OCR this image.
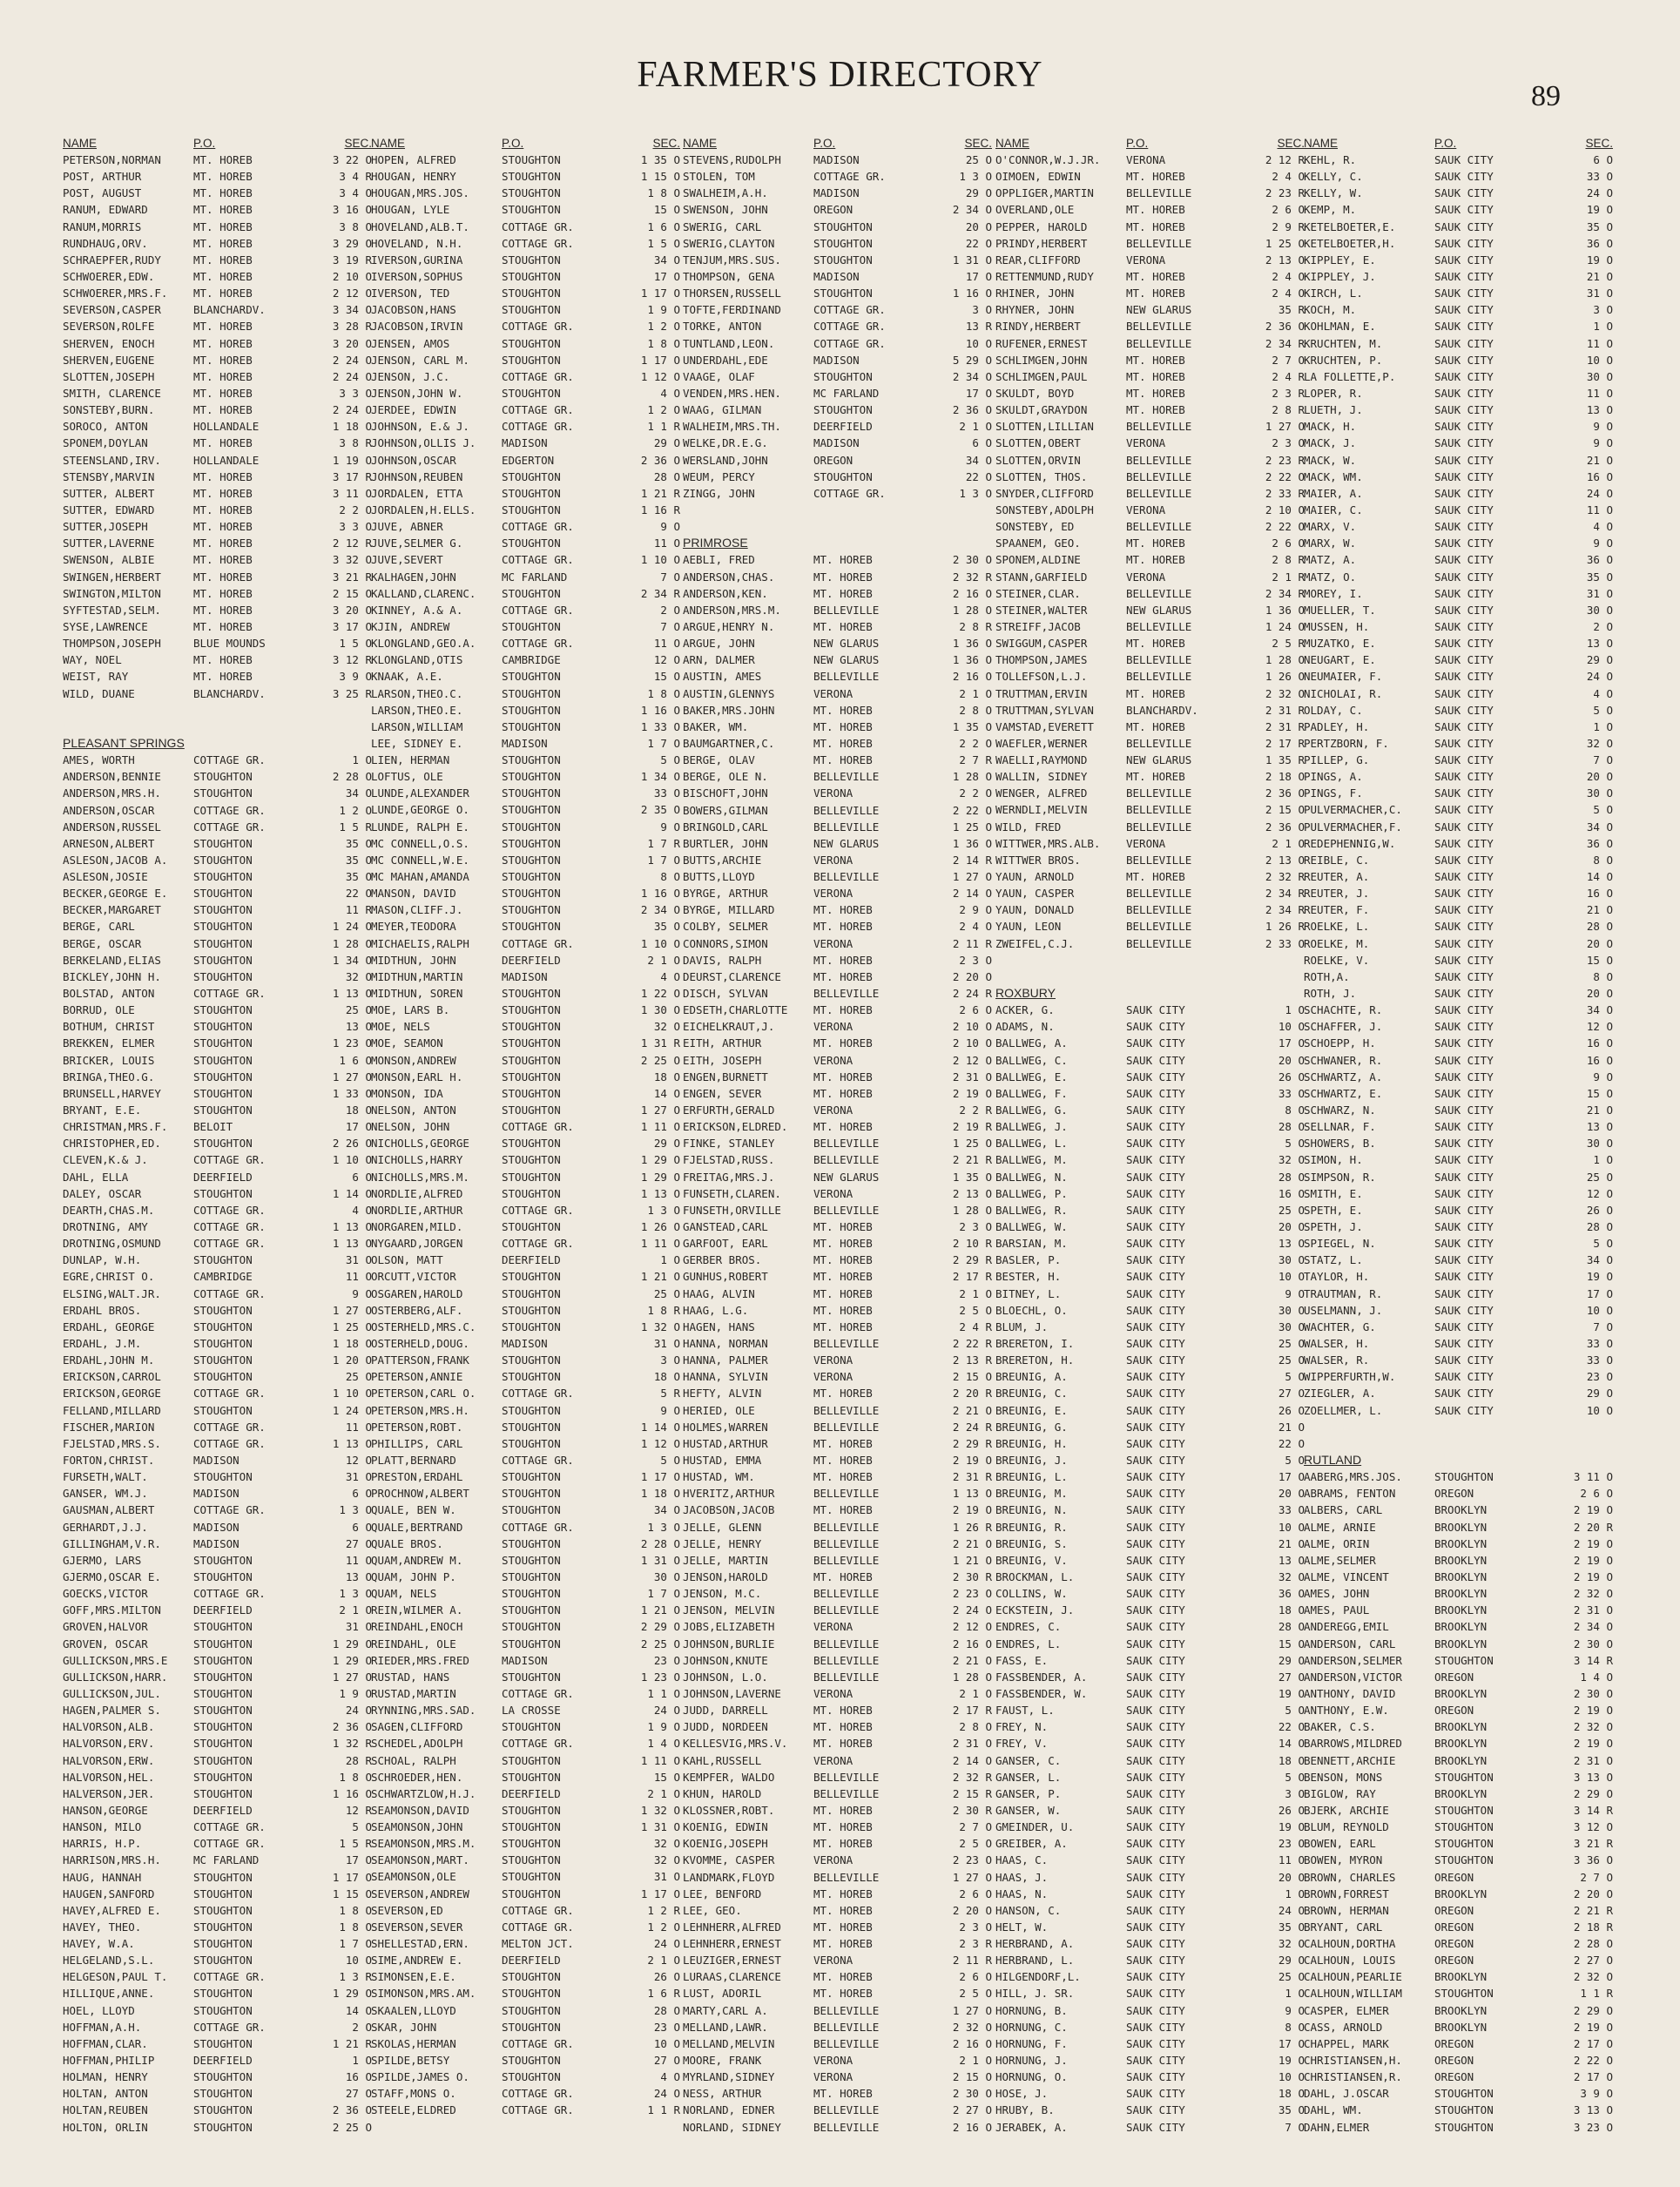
FARMER'S DIRECTORY
89
NAME	P.O.	SEC.
PETERSON,NORMAN	MT. HOREB	3 22 O
POST, ARTHUR	MT. HOREB	3 4 R
POST, AUGUST	MT. HOREB	3 4 O
RANUM, EDWARD	MT. HOREB	3 16 O
RANUM,MORRIS	MT. HOREB	3 8 O
RUNDHAUG,ORV.	MT. HOREB	3 29 O
SCHRAEPFER,RUDY	MT. HOREB	3 19 R
SCHWOERER,EDW.	MT. HOREB	2 10 O
SCHWOERER,MRS.F.	MT. HOREB	2 12 O
SEVERSON,CASPER	BLANCHARDV.	3 34 O
SEVERSON,ROLFE	MT. HOREB	3 28 R
SHERVEN, ENOCH	MT. HOREB	3 20 O
SHERVEN,EUGENE	MT. HOREB	2 24 O
SLOTTEN,JOSEPH	MT. HOREB	2 24 O
SMITH, CLARENCE	MT. HOREB	3 3 O
SONSTEBY,BURN.	MT. HOREB	2 24 O
SOROCO, ANTON	HOLLANDALE	1 18 O
SPONEM,DOYLAN	MT. HOREB	3 8 R
STEENSLAND,IRV.	HOLLANDALE	1 19 O
STENSBY,MARVIN	MT. HOREB	3 17 R
SUTTER, ALBERT	MT. HOREB	3 11 O
SUTTER, EDWARD	MT. HOREB	2 2 O
SUTTER,JOSEPH	MT. HOREB	3 3 O
SUTTER,LAVERNE	MT. HOREB	2 12 R
SWENSON, ALBIE	MT. HOREB	3 32 O
SWINGEN,HERBERT	MT. HOREB	3 21 R
SWINGTON,MILTON	MT. HOREB	2 15 O
SYFTESTAD,SELM.	MT. HOREB	3 20 O
SYSE,LAWRENCE	MT. HOREB	3 17 O
THOMPSON,JOSEPH	BLUE MOUNDS	1 5 O
WAY, NOEL	MT. HOREB	3 12 R
WEIST, RAY	MT. HOREB	3 9 O
WILD, DUANE	BLANCHARDV.	3 25 R
PLEASANT SPRINGS
AMES, WORTH	COTTAGE GR.	1 O
ANDERSON,BENNIE	STOUGHTON	2 28 O
ANDERSON,MRS.H.	STOUGHTON	34 O
ANDERSON,OSCAR	COTTAGE GR.	1 2 O
ANDERSON,RUSSEL	COTTAGE GR.	1 5 R
ARNESON,ALBERT	STOUGHTON	35 O
ASLESON,JACOB A.	STOUGHTON	35 O
ASLESON,JOSIE	STOUGHTON	35 O
BECKER,GEORGE E.	STOUGHTON	22 O
BECKER,MARGARET	STOUGHTON	11 R
BERGE, CARL	STOUGHTON	1 24 O
BERGE, OSCAR	STOUGHTON	1 28 O
BERKELAND,ELIAS	STOUGHTON	1 34 O
BICKLEY,JOHN H.	STOUGHTON	32 O
BOLSTAD, ANTON	COTTAGE GR.	1 13 O
BORRUD, OLE	STOUGHTON	25 O
BOTHUM, CHRIST	STOUGHTON	13 O
BREKKEN, ELMER	STOUGHTON	1 23 O
BRICKER, LOUIS	STOUGHTON	1 6 O
BRINGA,THEO.G.	STOUGHTON	1 27 O
BRUNSELL,HARVEY	STOUGHTON	1 33 O
BRYANT, E.E.	STOUGHTON	18 O
CHRISTMAN,MRS.F.	BELOIT	17 O
CHRISTOPHER,ED.	STOUGHTON	2 26 O
CLEVEN,K.& J.	COTTAGE GR.	1 10 O
DAHL, ELLA	DEERFIELD	6 O
DALEY, OSCAR	STOUGHTON	1 14 O
DEARTH,CHAS.M.	COTTAGE GR.	4 O
DROTNING, AMY	COTTAGE GR.	1 13 O
DROTNING,OSMUND	COTTAGE GR.	1 13 O
DUNLAP, W.H.	STOUGHTON	31 O
EGRE,CHRIST O.	CAMBRIDGE	11 O
ELSING,WALT.JR.	COTTAGE GR.	9 O
ERDAHL BROS.	STOUGHTON	1 27 O
ERDAHL, GEORGE	STOUGHTON	1 25 O
ERDAHL, J.M.	STOUGHTON	1 18 O
ERDAHL,JOHN M.	STOUGHTON	1 20 O
ERICKSON,CARROL	STOUGHTON	25 O
ERICKSON,GEORGE	COTTAGE GR.	1 10 O
FELLAND,MILLARD	STOUGHTON	1 24 O
FISCHER,MARION	COTTAGE GR.	11 O
FJELSTAD,MRS.S.	COTTAGE GR.	1 13 O
FORTON,CHRIST.	MADISON	12 O
FURSETH,WALT.	STOUGHTON	31 O
GANSER, WM.J.	MADISON	6 O
GAUSMAN,ALBERT	COTTAGE GR.	1 3 O
GERHARDT,J.J.	MADISON	6 O
GILLINGHAM,V.R.	MADISON	27 O
GJERMO, LARS	STOUGHTON	11 O
GJERMO,OSCAR E.	STOUGHTON	13 O
GOECKS,VICTOR	COTTAGE GR.	1 3 O
GOFF,MRS.MILTON	DEERFIELD	2 1 O
GROVEN,HALVOR	STOUGHTON	31 O
GROVEN, OSCAR	STOUGHTON	1 29 O
GULLICKSON,MRS.E	STOUGHTON	1 29 O
GULLICKSON,HARR.	STOUGHTON	1 27 O
GULLICKSON,JUL.	STOUGHTON	1 9 O
HAGEN,PALMER S.	STOUGHTON	24 O
HALVORSON,ALB.	STOUGHTON	2 36 O
HALVORSON,ERV.	STOUGHTON	1 32 R
HALVORSON,ERW.	STOUGHTON	28 R
HALVORSON,HEL.	STOUGHTON	1 8 O
HALVERSON,JER.	STOUGHTON	1 16 O
HANSON,GEORGE	DEERFIELD	12 R
HANSON, MILO	COTTAGE GR.	5 O
HARRIS, H.P.	COTTAGE GR.	1 5 R
HARRISON,MRS.H.	MC FARLAND	17 O
HAUG, HANNAH	STOUGHTON	1 17 O
HAUGEN,SANFORD	STOUGHTON	1 15 O
HAVEY,ALFRED E.	STOUGHTON	1 8 O
HAVEY, THEO.	STOUGHTON	1 8 O
HAVEY, W.A.	STOUGHTON	1 7 O
HELGELAND,S.L.	STOUGHTON	10 O
HELGESON,PAUL T.	COTTAGE GR.	1 3 R
HILLIQUE,ANNE.	STOUGHTON	1 29 O
HOEL, LLOYD	STOUGHTON	14 O
HOFFMAN,A.H.	COTTAGE GR.	2 O
HOFFMAN,CLAR.	STOUGHTON	1 21 R
HOFFMAN,PHILIP	DEERFIELD	1 O
HOLMAN, HENRY	STOUGHTON	16 O
HOLTAN, ANTON	STOUGHTON	27 O
HOLTAN,REUBEN	STOUGHTON	2 36 O
HOLTON, ORLIN	STOUGHTON	2 25 O
NAME	P.O.	SEC.
HOPEN, ALFRED	STOUGHTON	1 35 O
HOUGAN, HENRY	STOUGHTON	1 15 O
HOUGAN,MRS.JOS.	STOUGHTON	1 8 O
HOUGAN, LYLE	STOUGHTON	15 O
HOVELAND,ALB.T.	COTTAGE GR.	1 6 O
HOVELAND, N.H.	COTTAGE GR.	1 5 O
IVERSON,GURINA	STOUGHTON	34 O
IVERSON,SOPHUS	STOUGHTON	17 O
IVERSON, TED	STOUGHTON	1 17 O
JACOBSON,HANS	STOUGHTON	1 9 O
JACOBSON,IRVIN	COTTAGE GR.	1 2 O
JENSEN, AMOS	STOUGHTON	1 8 O
JENSON, CARL M.	STOUGHTON	1 17 O
JENSON, J.C.	COTTAGE GR.	1 12 O
JENSON,JOHN W.	STOUGHTON	4 O
JERDEE, EDWIN	COTTAGE GR.	1 2 O
JOHNSON, E.& J.	COTTAGE GR.	1 1 R
JOHNSON,OLLIS J.	MADISON	29 O
JOHNSON,OSCAR	EDGERTON	2 36 O
JOHNSON,REUBEN	STOUGHTON	28 O
JORDALEN, ETTA	STOUGHTON	1 21 R
JORDALEN,H.ELLS.	STOUGHTON	1 16 R
JUVE, ABNER	COTTAGE GR.	9 O
JUVE,SELMER G.	STOUGHTON	11 O
JUVE,SEVERT	COTTAGE GR.	1 10 O
KALHAGEN,JOHN	MC FARLAND	7 O
KALLAND,CLARENC.	STOUGHTON	2 34 R
KINNEY, A.& A.	COTTAGE GR.	2 O
KJIN, ANDREW	STOUGHTON	7 O
KLONGLAND,GEO.A.	COTTAGE GR.	11 O
KLONGLAND,OTIS	CAMBRIDGE	12 O
KNAAK, A.E.	STOUGHTON	15 O
LARSON,THEO.C.	STOUGHTON	1 8 O
LARSON,THEO.E.	STOUGHTON	1 16 O
LARSON,WILLIAM	STOUGHTON	1 33 O
LEE, SIDNEY E.	MADISON	1 7 O
LIEN, HERMAN	STOUGHTON	5 O
LOFTUS, OLE	STOUGHTON	1 34 O
LUNDE,ALEXANDER	STOUGHTON	33 O
LUNDE,GEORGE O.	STOUGHTON	2 35 O
LUNDE, RALPH E.	STOUGHTON	9 O
MC CONNELL,O.S.	STOUGHTON	1 7 R
MC CONNELL,W.E.	STOUGHTON	1 7 O
MC MAHAN,AMANDA	STOUGHTON	8 O
MANSON, DAVID	STOUGHTON	1 16 O
MASON,CLIFF.J.	STOUGHTON	2 34 O
MEYER,TEODORA	STOUGHTON	35 O
MICHAELIS,RALPH	COTTAGE GR.	1 10 O
MIDTHUN, JOHN	DEERFIELD	2 1 O
MIDTHUN,MARTIN	MADISON	4 O
MIDTHUN, SOREN	STOUGHTON	1 22 O
MOE, LARS B.	STOUGHTON	1 30 O
MOE, NELS	STOUGHTON	32 O
MOE, SEAMON	STOUGHTON	1 31 R
MONSON,ANDREW	STOUGHTON	2 25 O
MONSON,EARL H.	STOUGHTON	18 O
MONSON, IDA	STOUGHTON	14 O
NELSON, ANTON	STOUGHTON	1 27 O
NELSON, JOHN	COTTAGE GR.	1 11 O
NICHOLLS,GEORGE	STOUGHTON	29 O
NICHOLLS,HARRY	STOUGHTON	1 29 O
NICHOLLS,MRS.M.	STOUGHTON	1 29 O
NORDLIE,ALFRED	STOUGHTON	1 13 O
NORDLIE,ARTHUR	COTTAGE GR.	1 3 O
NORGAREN,MILD.	STOUGHTON	1 26 O
NYGAARD,JORGEN	COTTAGE GR.	1 11 O
OLSON, MATT	DEERFIELD	1 O
ORCUTT,VICTOR	STOUGHTON	1 21 O
OSGAREN,HAROLD	STOUGHTON	25 O
OSTERBERG,ALF.	STOUGHTON	1 8 R
OSTERHELD,MRS.C.	STOUGHTON	1 32 O
OSTERHELD,DOUG.	MADISON	31 O
PATTERSON,FRANK	STOUGHTON	3 O
PETERSON,ANNIE	STOUGHTON	18 O
PETERSON,CARL O.	COTTAGE GR.	5 R
PETERSON,MRS.H.	STOUGHTON	9 O
PETERSON,ROBT.	STOUGHTON	1 14 O
PHILLIPS, CARL	STOUGHTON	1 12 O
PLATT,BERNARD	COTTAGE GR.	5 O
PRESTON,ERDAHL	STOUGHTON	1 17 O
PROCHNOW,ALBERT	STOUGHTON	1 18 O
QUALE, BEN W.	STOUGHTON	34 O
QUALE,BERTRAND	COTTAGE GR.	1 3 O
QUALE BROS.	STOUGHTON	2 28 O
QUAM,ANDREW M.	STOUGHTON	1 31 O
QUAM, JOHN P.	STOUGHTON	30 O
QUAM, NELS	STOUGHTON	1 7 O
REIN,WILMER A.	STOUGHTON	1 21 O
REINDAHL,ENOCH	STOUGHTON	2 29 O
REINDAHL, OLE	STOUGHTON	2 25 O
RIEDER,MRS.FRED	MADISON	23 O
RUSTAD, HANS	STOUGHTON	1 23 O
RUSTAD,MARTIN	COTTAGE GR.	1 1 O
RYNNING,MRS.SAD.	LA CROSSE	24 O
SAGEN,CLIFFORD	STOUGHTON	1 9 O
SCHEDEL,ADOLPH	COTTAGE GR.	1 4 O
SCHOAL, RALPH	STOUGHTON	1 11 O
SCHROEDER,HEN.	STOUGHTON	15 O
SCHWARTZLOW,H.J.	DEERFIELD	2 1 O
SEAMONSON,DAVID	STOUGHTON	1 32 O
SEAMONSON,JOHN	STOUGHTON	1 31 O
SEAMONSON,MRS.M.	STOUGHTON	32 O
SEAMONSON,MART.	STOUGHTON	32 O
SEAMONSON,OLE	STOUGHTON	31 O
SEVERSON,ANDREW	STOUGHTON	1 17 O
SEVERSON,ED	COTTAGE GR.	1 2 R
SEVERSON,SEVER	COTTAGE GR.	1 2 O
SHELLESTAD,ERN.	MELTON JCT.	24 O
SIME,ANDREW E.	DEERFIELD	2 1 O
SIMONSEN,E.E.	STOUGHTON	26 O
SIMONSON,MRS.AM.	STOUGHTON	1 6 R
SKAALEN,LLOYD	STOUGHTON	28 O
SKAR, JOHN	STOUGHTON	23 O
SKOLAS,HERMAN	COTTAGE GR.	10 O
SPILDE,BETSY	STOUGHTON	27 O
SPILDE,JAMES O.	STOUGHTON	4 O
STAFF,MONS O.	COTTAGE GR.	24 O
STEELE,ELDRED	COTTAGE GR.	1 1 R
NAME	P.O.	SEC.
STEVENS,RUDOLPH	MADISON	25 O
STOLEN, TOM	COTTAGE GR.	1 3 O
SWALHEIM,A.H.	MADISON	29 O
SWENSON, JOHN	OREGON	2 34 O
SWERIG, CARL	STOUGHTON	20 O
SWERIG,CLAYTON	STOUGHTON	22 O
TENJUM,MRS.SUS.	STOUGHTON	1 31 O
THOMPSON, GENA	MADISON	17 O
THORSEN,RUSSELL	STOUGHTON	1 16 O
TOFTE,FERDINAND	COTTAGE GR.	3 O
TORKE, ANTON	COTTAGE GR.	13 R
TUNTLAND,LEON.	COTTAGE GR.	10 O
UNDERDAHL,EDE	MADISON	5 29 O
VAAGE, OLAF	STOUGHTON	2 34 O
VENDEN,MRS.HEN.	MC FARLAND	17 O
WAAG, GILMAN	STOUGHTON	2 36 O
WALHEIM,MRS.TH.	DEERFIELD	2 1 O
WELKE,DR.E.G.	MADISON	6 O
WERSLAND,JOHN	OREGON	34 O
WEUM, PERCY	STOUGHTON	22 O
ZINGG, JOHN	COTTAGE GR.	1 3 O
PRIMROSE
AEBLI, FRED	MT. HOREB	2 30 O
ANDERSON,CHAS.	MT. HOREB	2 32 R
ANDERSON,KEN.	MT. HOREB	2 16 O
ANDERSON,MRS.M.	BELLEVILLE	1 28 O
ARGUE,HENRY N.	MT. HOREB	2 8 R
ARGUE, JOHN	NEW GLARUS	1 36 O
ARN, DALMER	NEW GLARUS	1 36 O
AUSTIN, AMES	BELLEVILLE	2 16 O
AUSTIN,GLENNYS	VERONA	2 1 O
BAKER,MRS.JOHN	MT. HOREB	2 8 O
BAKER, WM.	MT. HOREB	1 35 O
BAUMGARTNER,C.	MT. HOREB	2 2 O
BERGE, OLAV	MT. HOREB	2 7 R
BERGE, OLE N.	BELLEVILLE	1 28 O
BISCHOFT,JOHN	VERONA	2 2 O
BOWERS,GILMAN	BELLEVILLE	2 22 O
BRINGOLD,CARL	BELLEVILLE	1 25 O
BURTLER, JOHN	NEW GLARUS	1 36 O
BUTTS,ARCHIE	VERONA	2 14 R
BUTTS,LLOYD	BELLEVILLE	1 27 O
BYRGE, ARTHUR	VERONA	2 14 O
BYRGE, MILLARD	MT. HOREB	2 9 O
COLBY, SELMER	MT. HOREB	2 4 O
CONNORS,SIMON	VERONA	2 11 R
DAVIS, RALPH	MT. HOREB	2 3 O
DEURST,CLARENCE	MT. HOREB	2 20 O
DISCH, SYLVAN	BELLEVILLE	2 24 R
EDSETH,CHARLOTTE	MT. HOREB	2 6 O
EICHELKRAUT,J.	VERONA	2 10 O
EITH, ARTHUR	MT. HOREB	2 10 O
EITH, JOSEPH	VERONA	2 12 O
ENGEN,BURNETT	MT. HOREB	2 31 O
ENGEN, SEVER	MT. HOREB	2 19 O
ERFURTH,GERALD	VERONA	2 2 R
ERICKSON,ELDRED.	MT. HOREB	2 19 R
FINKE, STANLEY	BELLEVILLE	1 25 O
FJELSTAD,RUSS.	BELLEVILLE	2 21 R
FREITAG,MRS.J.	NEW GLARUS	1 35 O
FUNSETH,CLAREN.	VERONA	2 13 O
FUNSETH,ORVILLE	BELLEVILLE	1 28 O
GANSTEAD,CARL	MT. HOREB	2 3 O
GARFOOT, EARL	MT. HOREB	2 10 R
GERBER BROS.	MT. HOREB	2 29 R
GUNHUS,ROBERT	MT. HOREB	2 17 R
HAAG, ALVIN	MT. HOREB	2 1 O
HAAG, L.G.	MT. HOREB	2 5 O
HAGEN, HANS	MT. HOREB	2 4 R
HANNA, NORMAN	BELLEVILLE	2 22 R
HANNA, PALMER	VERONA	2 13 R
HANNA, SYLVIN	VERONA	2 15 O
HEFTY, ALVIN	MT. HOREB	2 20 R
HERIED, OLE	BELLEVILLE	2 21 O
HOLMES,WARREN	BELLEVILLE	2 24 R
HUSTAD,ARTHUR	MT. HOREB	2 29 R
HUSTAD, EMMA	MT. HOREB	2 19 O
HUSTAD, WM.	MT. HOREB	2 31 R
HVERITZ,ARTHUR	BELLEVILLE	1 13 O
JACOBSON,JACOB	MT. HOREB	2 19 O
JELLE, GLENN	BELLEVILLE	1 26 R
JELLE, HENRY	BELLEVILLE	2 21 O
JELLE, MARTIN	BELLEVILLE	1 21 O
JENSON,HAROLD	MT. HOREB	2 30 R
JENSON, M.C.	BELLEVILLE	2 23 O
JENSON, MELVIN	BELLEVILLE	2 24 O
JOBS,ELIZABETH	VERONA	2 12 O
JOHNSON,BURLIE	BELLEVILLE	2 16 O
JOHNSON,KNUTE	BELLEVILLE	2 21 O
JOHNSON, L.O.	BELLEVILLE	1 28 O
JOHNSON,LAVERNE	VERONA	2 1 O
JUDD, DARRELL	MT. HOREB	2 17 R
JUDD, NORDEEN	MT. HOREB	2 8 O
KELLESVIG,MRS.V.	MT. HOREB	2 31 O
KAHL,RUSSELL	VERONA	2 14 O
KEMPFER, WALDO	BELLEVILLE	2 32 R
KHUN, HAROLD	BELLEVILLE	2 15 R
KLOSSNER,ROBT.	MT. HOREB	2 30 R
KOENIG, EDWIN	MT. HOREB	2 7 O
KOENIG,JOSEPH	MT. HOREB	2 5 O
KVOMME, CASPER	VERONA	2 23 O
LANDMARK,FLOYD	BELLEVILLE	1 27 O
LEE, BENFORD	MT. HOREB	2 6 O
LEE, GEO.	MT. HOREB	2 20 O
LEHNHERR,ALFRED	MT. HOREB	2 3 O
LEHNHERR,ERNEST	MT. HOREB	2 3 R
LEUZIGER,ERNEST	VERONA	2 11 R
LURAAS,CLARENCE	MT. HOREB	2 6 O
LUST, ADORIL	MT. HOREB	2 5 O
MARTY,CARL A.	BELLEVILLE	1 27 O
MELLAND,LAWR.	BELLEVILLE	2 32 O
MELLAND,MELVIN	BELLEVILLE	2 16 O
MOORE, FRANK	VERONA	2 1 O
MYRLAND,SIDNEY	VERONA	2 15 O
NESS, ARTHUR	MT. HOREB	2 30 O
NORLAND, EDNER	BELLEVILLE	2 27 O
NORLAND, SIDNEY	BELLEVILLE	2 16 O
NAME	P.O.	SEC.
O'CONNOR,W.J.JR.	VERONA	2 12 R
OIMOEN, EDWIN	MT. HOREB	2 4 O
OPPLIGER,MARTIN	BELLEVILLE	2 23 R
OVERLAND,OLE	MT. HOREB	2 6 O
PEPPER, HAROLD	MT. HOREB	2 9 R
PRINDY,HERBERT	BELLEVILLE	1 25 O
REAR,CLIFFORD	VERONA	2 13 O
RETTENMUND,RUDY	MT. HOREB	2 4 O
RHINER, JOHN	MT. HOREB	2 4 O
RHYNER, JOHN	NEW GLARUS	35 R
RINDY,HERBERT	BELLEVILLE	2 36 O
RUFENER,ERNEST	BELLEVILLE	2 34 R
SCHLIMGEN,JOHN	MT. HOREB	2 7 O
SCHLIMGEN,PAUL	MT. HOREB	2 4 R
SKULDT, BOYD	MT. HOREB	2 3 R
SKULDT,GRAYDON	MT. HOREB	2 8 R
SLOTTEN,LILLIAN	BELLEVILLE	1 27 O
SLOTTEN,OBERT	VERONA	2 3 O
SLOTTEN,ORVIN	BELLEVILLE	2 23 R
SLOTTEN, THOS.	BELLEVILLE	2 22 O
SNYDER,CLIFFORD	BELLEVILLE	2 33 R
SONSTEBY,ADOLPH	VERONA	2 10 O
SONSTEBY, ED	BELLEVILLE	2 22 O
SPAANEM, GEO.	MT. HOREB	2 6 O
SPONEM,ALDINE	MT. HOREB	2 8 R
STANN,GARFIELD	VERONA	2 1 R
STEINER,CLAR.	BELLEVILLE	2 34 R
STEINER,WALTER	NEW GLARUS	1 36 O
STREIFF,JACOB	BELLEVILLE	1 24 O
SWIGGUM,CASPER	MT. HOREB	2 5 R
THOMPSON,JAMES	BELLEVILLE	1 28 O
TOLLEFSON,L.J.	BELLEVILLE	1 26 O
TRUTTMAN,ERVIN	MT. HOREB	2 32 O
TRUTTMAN,SYLVAN	BLANCHARDV.	2 31 R
VAMSTAD,EVERETT	MT. HOREB	2 31 R
WAEFLER,WERNER	BELLEVILLE	2 17 R
WAELLI,RAYMOND	NEW GLARUS	1 35 R
WALLIN, SIDNEY	MT. HOREB	2 18 O
WENGER, ALFRED	BELLEVILLE	2 36 O
WERNDLI,MELVIN	BELLEVILLE	2 15 O
WILD, FRED	BELLEVILLE	2 36 O
WITTWER,MRS.ALB.	VERONA	2 1 O
WITTWER BROS.	BELLEVILLE	2 13 O
YAUN, ARNOLD	MT. HOREB	2 32 R
YAUN, CASPER	BELLEVILLE	2 34 R
YAUN, DONALD	BELLEVILLE	2 34 R
YAUN, LEON	BELLEVILLE	1 26 R
ZWEIFEL,C.J.	BELLEVILLE	2 33 O
ROXBURY
ACKER, G.	SAUK CITY	1 O
ADAMS, N.	SAUK CITY	10 O
BALLWEG, A.	SAUK CITY	17 O
BALLWEG, C.	SAUK CITY	20 O
BALLWEG, E.	SAUK CITY	26 O
BALLWEG, F.	SAUK CITY	33 O
BALLWEG, G.	SAUK CITY	8 O
BALLWEG, J.	SAUK CITY	28 O
BALLWEG, L.	SAUK CITY	5 O
BALLWEG, M.	SAUK CITY	32 O
BALLWEG, N.	SAUK CITY	28 O
BALLWEG, P.	SAUK CITY	16 O
BALLWEG, R.	SAUK CITY	25 O
BALLWEG, W.	SAUK CITY	20 O
BARSIAN, M.	SAUK CITY	13 O
BASLER, P.	SAUK CITY	30 O
BESTER, H.	SAUK CITY	10 O
BITNEY, L.	SAUK CITY	9 O
BLOECHL, O.	SAUK CITY	30 O
BLUM, J.	SAUK CITY	30 O
BRERETON, I.	SAUK CITY	25 O
BRERETON, H.	SAUK CITY	25 O
BREUNIG, A.	SAUK CITY	5 O
BREUNIG, C.	SAUK CITY	27 O
BREUNIG, E.	SAUK CITY	26 O
BREUNIG, G.	SAUK CITY	21 O
BREUNIG, H.	SAUK CITY	22 O
BREUNIG, J.	SAUK CITY	5 O
BREUNIG, L.	SAUK CITY	17 O
BREUNIG, M.	SAUK CITY	20 O
BREUNIG, N.	SAUK CITY	33 O
BREUNIG, R.	SAUK CITY	10 O
BREUNIG, S.	SAUK CITY	21 O
BREUNIG, V.	SAUK CITY	13 O
BROCKMAN, L.	SAUK CITY	32 O
COLLINS, W.	SAUK CITY	36 O
ECKSTEIN, J.	SAUK CITY	18 O
ENDRES, C.	SAUK CITY	28 O
ENDRES, L.	SAUK CITY	15 O
FASS, E.	SAUK CITY	29 O
FASSBENDER, A.	SAUK CITY	27 O
FASSBENDER, W.	SAUK CITY	19 O
FAUST, L.	SAUK CITY	5 O
FREY, N.	SAUK CITY	22 O
FREY, V.	SAUK CITY	14 O
GANSER, C.	SAUK CITY	18 O
GANSER, L.	SAUK CITY	5 O
GANSER, P.	SAUK CITY	3 O
GANSER, W.	SAUK CITY	26 O
GMEINDER, U.	SAUK CITY	19 O
GREIBER, A.	SAUK CITY	23 O
HAAS, C.	SAUK CITY	11 O
HAAS, J.	SAUK CITY	20 O
HAAS, N.	SAUK CITY	1 O
HANSON, C.	SAUK CITY	24 O
HELT, W.	SAUK CITY	35 O
HERBRAND, A.	SAUK CITY	32 O
HERBRAND, L.	SAUK CITY	29 O
HILGENDORF,L.	SAUK CITY	25 O
HILL, J. SR.	SAUK CITY	1 O
HORNUNG, B.	SAUK CITY	9 O
HORNUNG, C.	SAUK CITY	8 O
HORNUNG, F.	SAUK CITY	17 O
HORNUNG, J.	SAUK CITY	19 O
HORNUNG, O.	SAUK CITY	10 O
HOSE, J.	SAUK CITY	18 O
HRUBY, B.	SAUK CITY	35 O
JERABEK, A.	SAUK CITY	7 O
NAME	P.O.	SEC.
KEHL, R.	SAUK CITY	6 O
KELLY, C.	SAUK CITY	33 O
KELLY, W.	SAUK CITY	24 O
KEMP, M.	SAUK CITY	19 O
KETELBOETER,E.	SAUK CITY	35 O
KETELBOETER,H.	SAUK CITY	36 O
KIPPLEY, E.	SAUK CITY	19 O
KIPPLEY, J.	SAUK CITY	21 O
KIRCH, L.	SAUK CITY	31 O
KOCH, M.	SAUK CITY	3 O
KOHLMAN, E.	SAUK CITY	1 O
KRUCHTEN, M.	SAUK CITY	11 O
KRUCHTEN, P.	SAUK CITY	10 O
LA FOLLETTE,P.	SAUK CITY	30 O
LOPER, R.	SAUK CITY	11 O
LUETH, J.	SAUK CITY	13 O
MACK, H.	SAUK CITY	9 O
MACK, J.	SAUK CITY	9 O
MACK, W.	SAUK CITY	21 O
MACK, WM.	SAUK CITY	16 O
MAIER, A.	SAUK CITY	24 O
MAIER, C.	SAUK CITY	11 O
MARX, V.	SAUK CITY	4 O
MARX, W.	SAUK CITY	9 O
MATZ, A.	SAUK CITY	36 O
MATZ, O.	SAUK CITY	35 O
MOREY, I.	SAUK CITY	31 O
MUELLER, T.	SAUK CITY	30 O
MUSSEN, H.	SAUK CITY	2 O
MUZATKO, E.	SAUK CITY	13 O
NEUGART, E.	SAUK CITY	29 O
NEUMAIER, F.	SAUK CITY	24 O
NICHOLAI, R.	SAUK CITY	4 O
OLDAY, C.	SAUK CITY	5 O
PADLEY, H.	SAUK CITY	1 O
PERTZBORN, F.	SAUK CITY	32 O
PILLEP, G.	SAUK CITY	7 O
PINGS, A.	SAUK CITY	20 O
PINGS, F.	SAUK CITY	30 O
PULVERMACHER,C.	SAUK CITY	5 O
PULVERMACHER,F.	SAUK CITY	34 O
REDEPHENNIG,W.	SAUK CITY	36 O
REIBLE, C.	SAUK CITY	8 O
REUTER, A.	SAUK CITY	14 O
REUTER, J.	SAUK CITY	16 O
REUTER, F.	SAUK CITY	21 O
ROELKE, L.	SAUK CITY	28 O
ROELKE, M.	SAUK CITY	20 O
ROELKE, V.	SAUK CITY	15 O
ROTH,A.	SAUK CITY	8 O
ROTH, J.	SAUK CITY	20 O
SCHACHTE, R.	SAUK CITY	34 O
SCHAFFER, J.	SAUK CITY	12 O
SCHOEPP, H.	SAUK CITY	16 O
SCHWANER, R.	SAUK CITY	16 O
SCHWARTZ, A.	SAUK CITY	9 O
SCHWARTZ, E.	SAUK CITY	15 O
SCHWARZ, N.	SAUK CITY	21 O
SELLNAR, F.	SAUK CITY	13 O
SHOWERS, B.	SAUK CITY	30 O
SIMON, H.	SAUK CITY	1 O
SIMPSON, R.	SAUK CITY	25 O
SMITH, E.	SAUK CITY	12 O
SPETH, E.	SAUK CITY	26 O
SPETH, J.	SAUK CITY	28 O
SPIEGEL, N.	SAUK CITY	5 O
STATZ, L.	SAUK CITY	34 O
TAYLOR, H.	SAUK CITY	19 O
TRAUTMAN, R.	SAUK CITY	17 O
USELMANN, J.	SAUK CITY	10 O
WACHTER, G.	SAUK CITY	7 O
WALSER, H.	SAUK CITY	33 O
WALSER, R.	SAUK CITY	33 O
WIPPERFURTH,W.	SAUK CITY	23 O
ZIEGLER, A.	SAUK CITY	29 O
ZOELLMER, L.	SAUK CITY	10 O
RUTLAND
AABERG,MRS.JOS.	STOUGHTON	3 11 O
ABRAMS, FENTON	OREGON	2 6 O
ALBERS, CARL	BROOKLYN	2 19 O
ALME, ARNIE	BROOKLYN	2 20 R
ALME, ORIN	BROOKLYN	2 19 O
ALME,SELMER	BROOKLYN	2 19 O
ALME, VINCENT	BROOKLYN	2 19 O
AMES, JOHN	BROOKLYN	2 32 O
AMES, PAUL	BROOKLYN	2 31 O
ANDEREGG,EMIL	BROOKLYN	2 34 O
ANDERSON, CARL	BROOKLYN	2 30 O
ANDERSON,SELMER	STOUGHTON	3 14 R
ANDERSON,VICTOR	OREGON	1 4 O
ANTHONY, DAVID	BROOKLYN	2 30 O
ANTHONY, E.W.	OREGON	2 19 O
BAKER, C.S.	BROOKLYN	2 32 O
BARROWS,MILDRED	BROOKLYN	2 19 O
BENNETT,ARCHIE	BROOKLYN	2 31 O
BENSON, MONS	STOUGHTON	3 13 O
BIGLOW, RAY	BROOKLYN	2 29 O
BJERK, ARCHIE	STOUGHTON	3 14 R
BLUM, REYNOLD	STOUGHTON	3 12 O
BOWEN, EARL	STOUGHTON	3 21 R
BOWEN, MYRON	STOUGHTON	3 36 O
BROWN, CHARLES	OREGON	2 7 O
BROWN,FORREST	BROOKLYN	2 20 O
BROWN, HERMAN	OREGON	2 21 R
BRYANT, CARL	OREGON	2 18 R
CALHOUN,DORTHA	OREGON	2 28 O
CALHOUN, LOUIS	OREGON	2 27 O
CALHOUN,PEARLIE	BROOKLYN	2 32 O
CALHOUN,WILLIAM	STOUGHTON	1 1 R
CASPER, ELMER	BROOKLYN	2 29 O
CASS, ARNOLD	BROOKLYN	2 19 O
CHAPPEL, MARK	OREGON	2 17 O
CHRISTIANSEN,H.	OREGON	2 22 O
CHRISTIANSEN,R.	OREGON	2 17 O
DAHL, J.OSCAR	STOUGHTON	3 9 O
DAHL, WM.	STOUGHTON	3 13 O
DAHN,ELMER	STOUGHTON	3 23 O
